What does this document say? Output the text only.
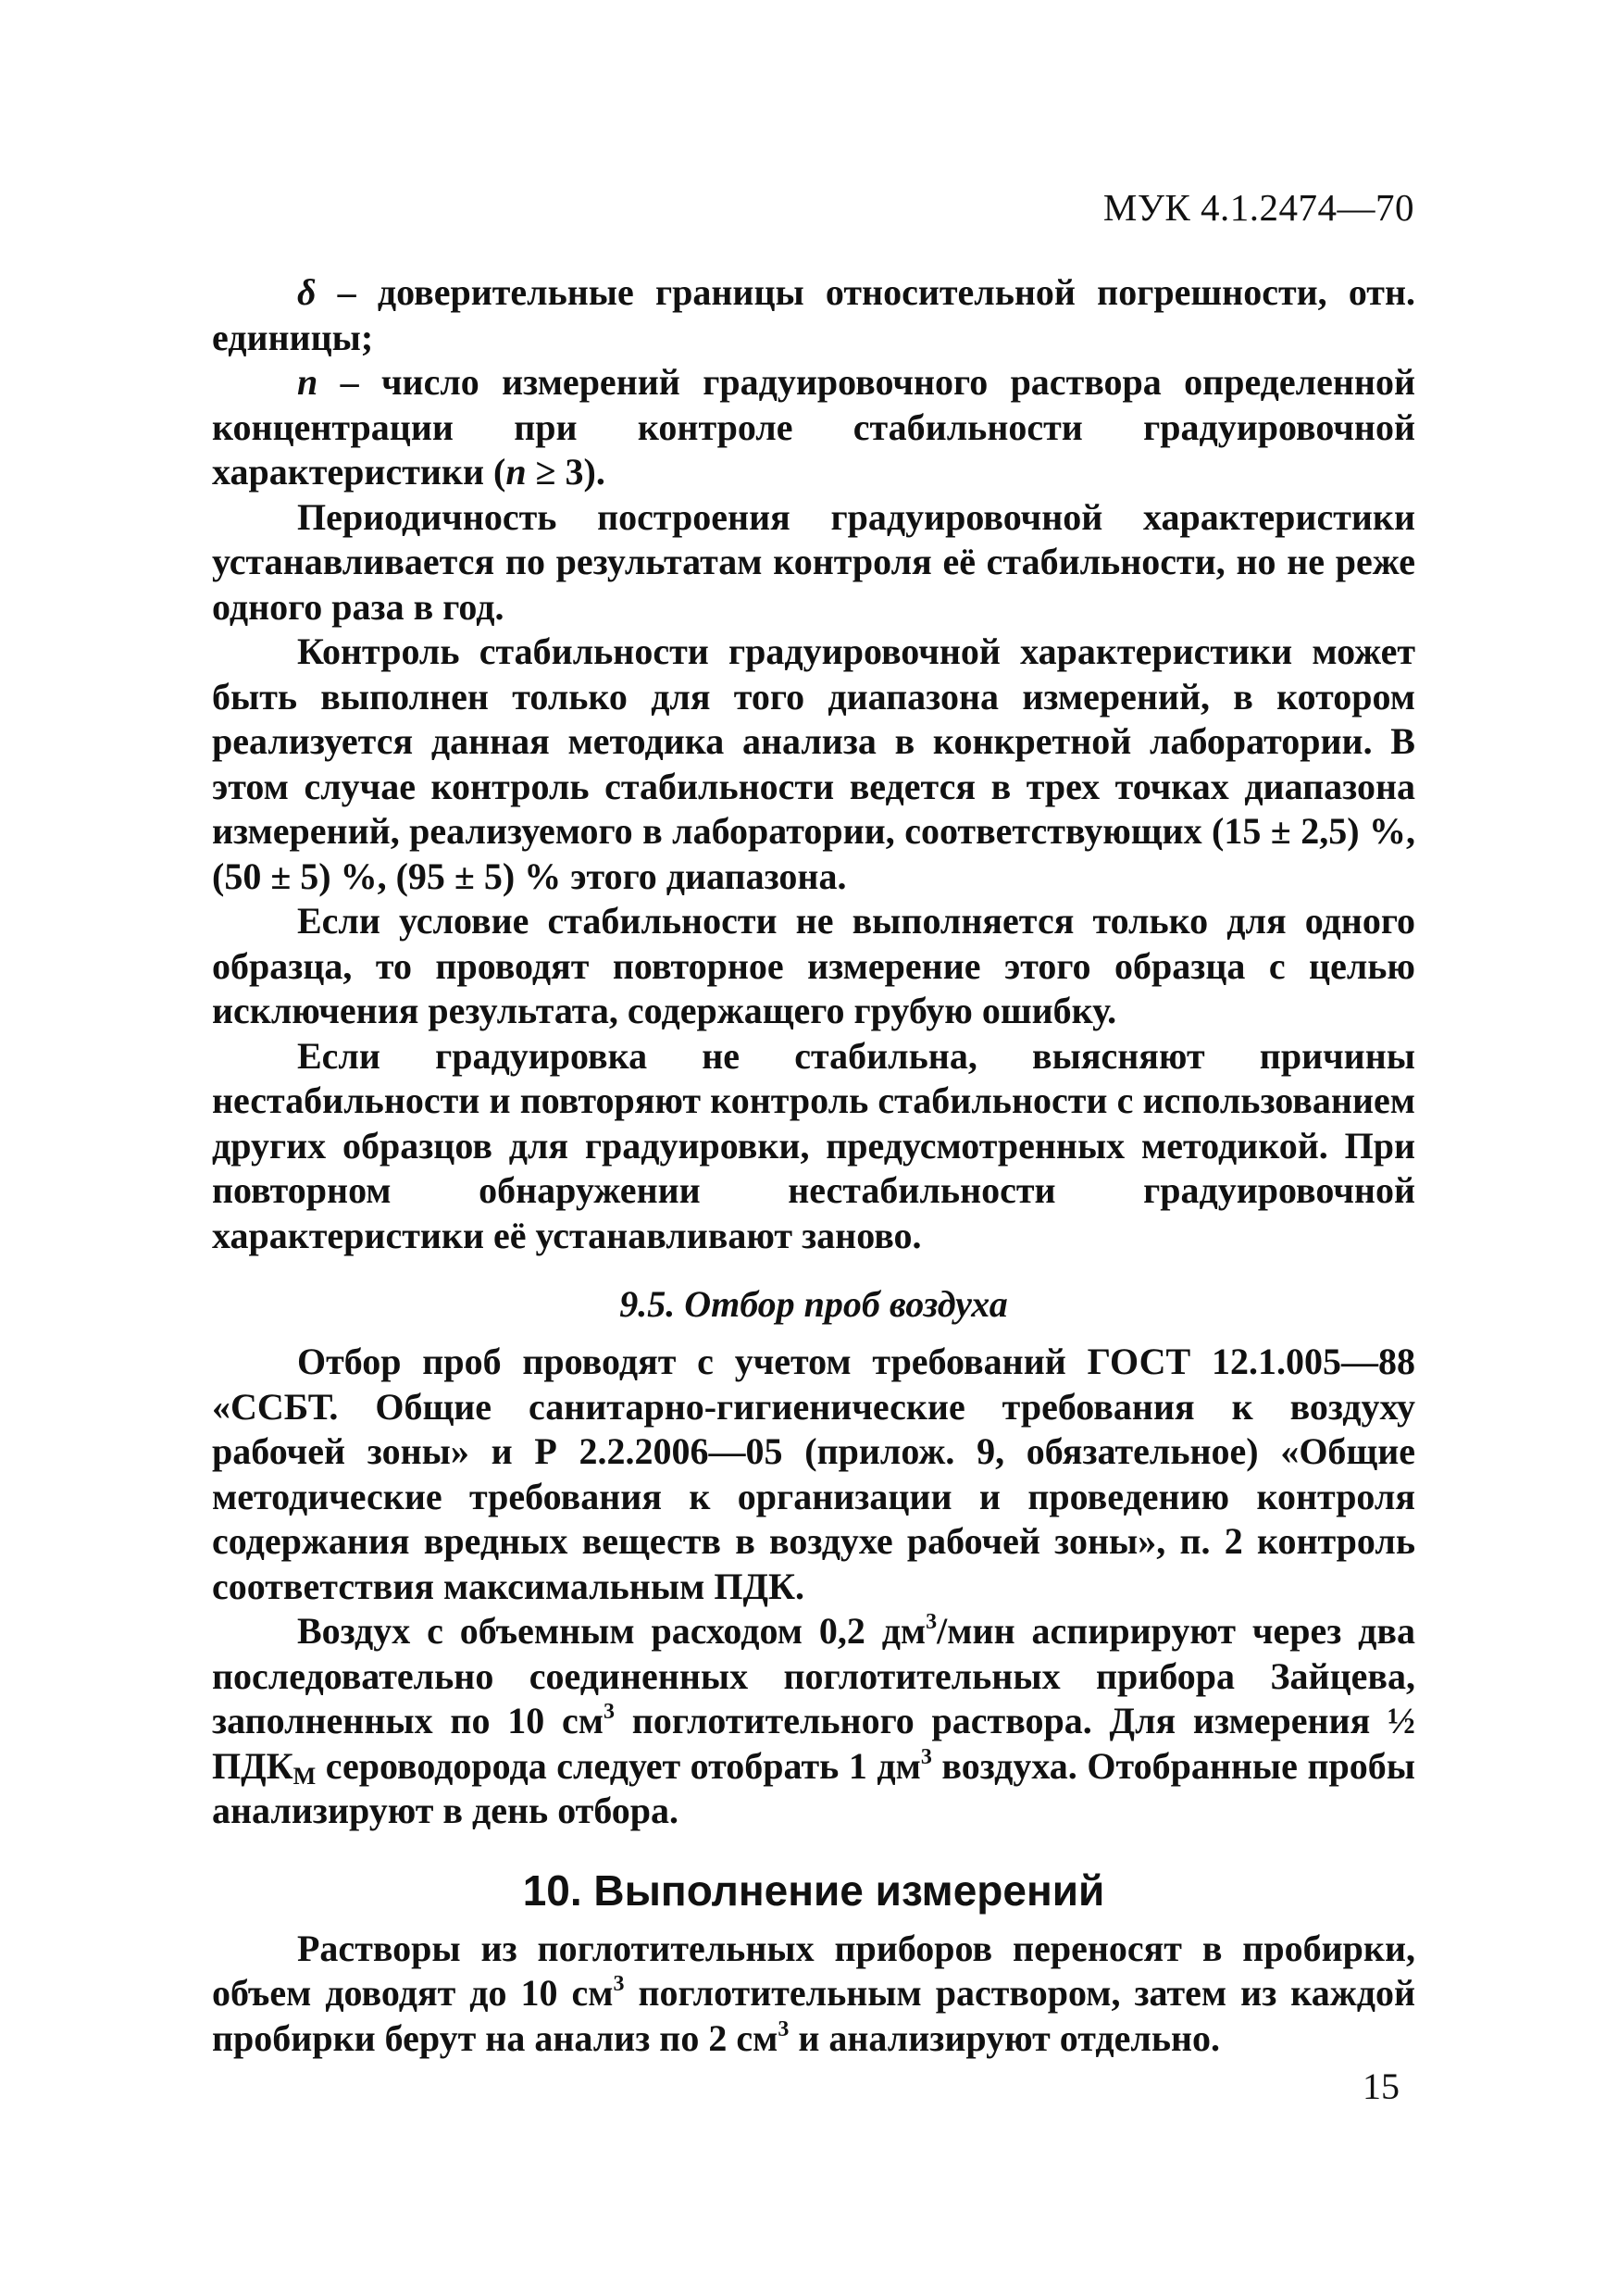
МУК 4.1.2474—70

δ – доверительные границы относительной погрешности, отн. единицы;

n – число измерений градуировочного раствора определенной концентрации при контроле стабильности градуировочной характеристики (n ≥ 3).

Периодичность построения градуировочной характеристики устанавливается по результатам контроля её стабильности, но не реже одного раза в год.

Контроль стабильности градуировочной характеристики может быть выполнен только для того диапазона измерений, в котором реализуется данная методика анализа в конкретной лаборатории. В этом случае контроль стабильности ведется в трех точках диапазона измерений, реализуемого в лаборатории, соответствующих (15 ± 2,5) %, (50 ± 5) %, (95 ± 5) % этого диапазона.

Если условие стабильности не выполняется только для одного образца, то проводят повторное измерение этого образца с целью исключения результата, содержащего грубую ошибку.

Если градуировка не стабильна, выясняют причины нестабильности и повторяют контроль стабильности с использованием других образцов для градуировки, предусмотренных методикой. При повторном обнаружении нестабильности градуировочной характеристики её устанавливают заново.

9.5. Отбор проб воздуха

Отбор проб проводят с учетом требований ГОСТ 12.1.005—88 «ССБТ. Общие санитарно-гигиенические требования к воздуху рабочей зоны» и Р 2.2.2006—05 (прилож. 9, обязательное) «Общие методические требования к организации и проведению контроля содержания вредных веществ в воздухе рабочей зоны», п. 2 контроль соответствия максимальным ПДК.

Воздух с объемным расходом 0,2 $дм^3$/мин аспирируют через два последовательно соединенных поглотительных прибора Зайцева, заполненных по 10 $см^3$ поглотительного раствора. Для измерения ½ $ПДК_М$ сероводорода следует отобрать 1 $дм^3$ воздуха. Отобранные пробы анализируют в день отбора.

10. Выполнение измерений

Растворы из поглотительных приборов переносят в пробирки, объем доводят до 10 $см^3$ поглотительным раствором, затем из каждой пробирки берут на анализ по 2 $см^3$ и анализируют отдельно.

15
